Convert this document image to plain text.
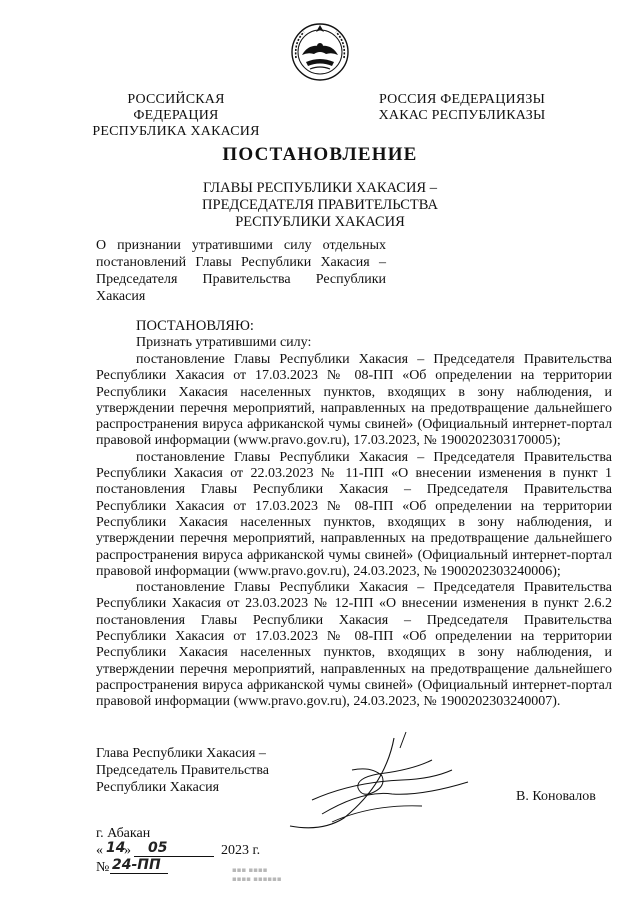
РОССИЙСКАЯ ФЕДЕРАЦИЯ
РЕСПУБЛИКА ХАКАСИЯ
РОССИЯ ФЕДЕРАЦИЯЗЫ
ХАКАС РЕСПУБЛИКАЗЫ
ПОСТАНОВЛЕНИЕ
ГЛАВЫ РЕСПУБЛИКИ ХАКАСИЯ –
ПРЕДСЕДАТЕЛЯ ПРАВИТЕЛЬСТВА
РЕСПУБЛИКИ ХАКАСИЯ
О признании утратившими силу отдельных постановлений Главы Республики Хакасия – Председателя Правительства Республики Хакасия
ПОСТАНОВЛЯЮ:
Признать утратившими силу:

постановление Главы Республики Хакасия – Председателя Правительства Республики Хакасия от 17.03.2023 № 08-ПП «Об определении на территории Республики Хакасия населенных пунктов, входящих в зону наблюдения, и утверждении перечня мероприятий, направленных на предотвращение дальнейшего распространения вируса африканской чумы свиней» (Официальный интернет-портал правовой информации (www.pravo.gov.ru), 17.03.2023, № 1900202303170005);

постановление Главы Республики Хакасия – Председателя Правительства Республики Хакасия от 22.03.2023 № 11-ПП «О внесении изменения в пункт 1 постановления Главы Республики Хакасия – Председателя Правительства Республики Хакасия от 17.03.2023 № 08-ПП «Об определении на территории Республики Хакасия населенных пунктов, входящих в зону наблюдения, и утверждении перечня мероприятий, направленных на предотвращение дальнейшего распространения вируса африканской чумы свиней» (Официальный интернет-портал правовой информации (www.pravo.gov.ru), 24.03.2023, № 1900202303240006);

постановление Главы Республики Хакасия – Председателя Правительства Республики Хакасия от 23.03.2023 № 12-ПП «О внесении изменения в пункт 2.6.2 постановления Главы Республики Хакасия – Председателя Правительства Республики Хакасия от 17.03.2023 № 08-ПП «Об определении на территории Республики Хакасия населенных пунктов, входящих в зону наблюдения, и утверждении перечня мероприятий, направленных на предотвращение дальнейшего распространения вируса африканской чумы свиней» (Официальный интернет-портал правовой информации (www.pravo.gov.ru), 24.03.2023, № 1900202303240007).

Глава Республики Хакасия –
Председатель Правительства
Республики Хакасия
В. Коновалов
г. Абакан
« 14
» 05	2023 г.
№ 24-ПП	▪▪▪ ▪▪▪▪
▪▪▪▪ ▪▪▪▪▪▪
